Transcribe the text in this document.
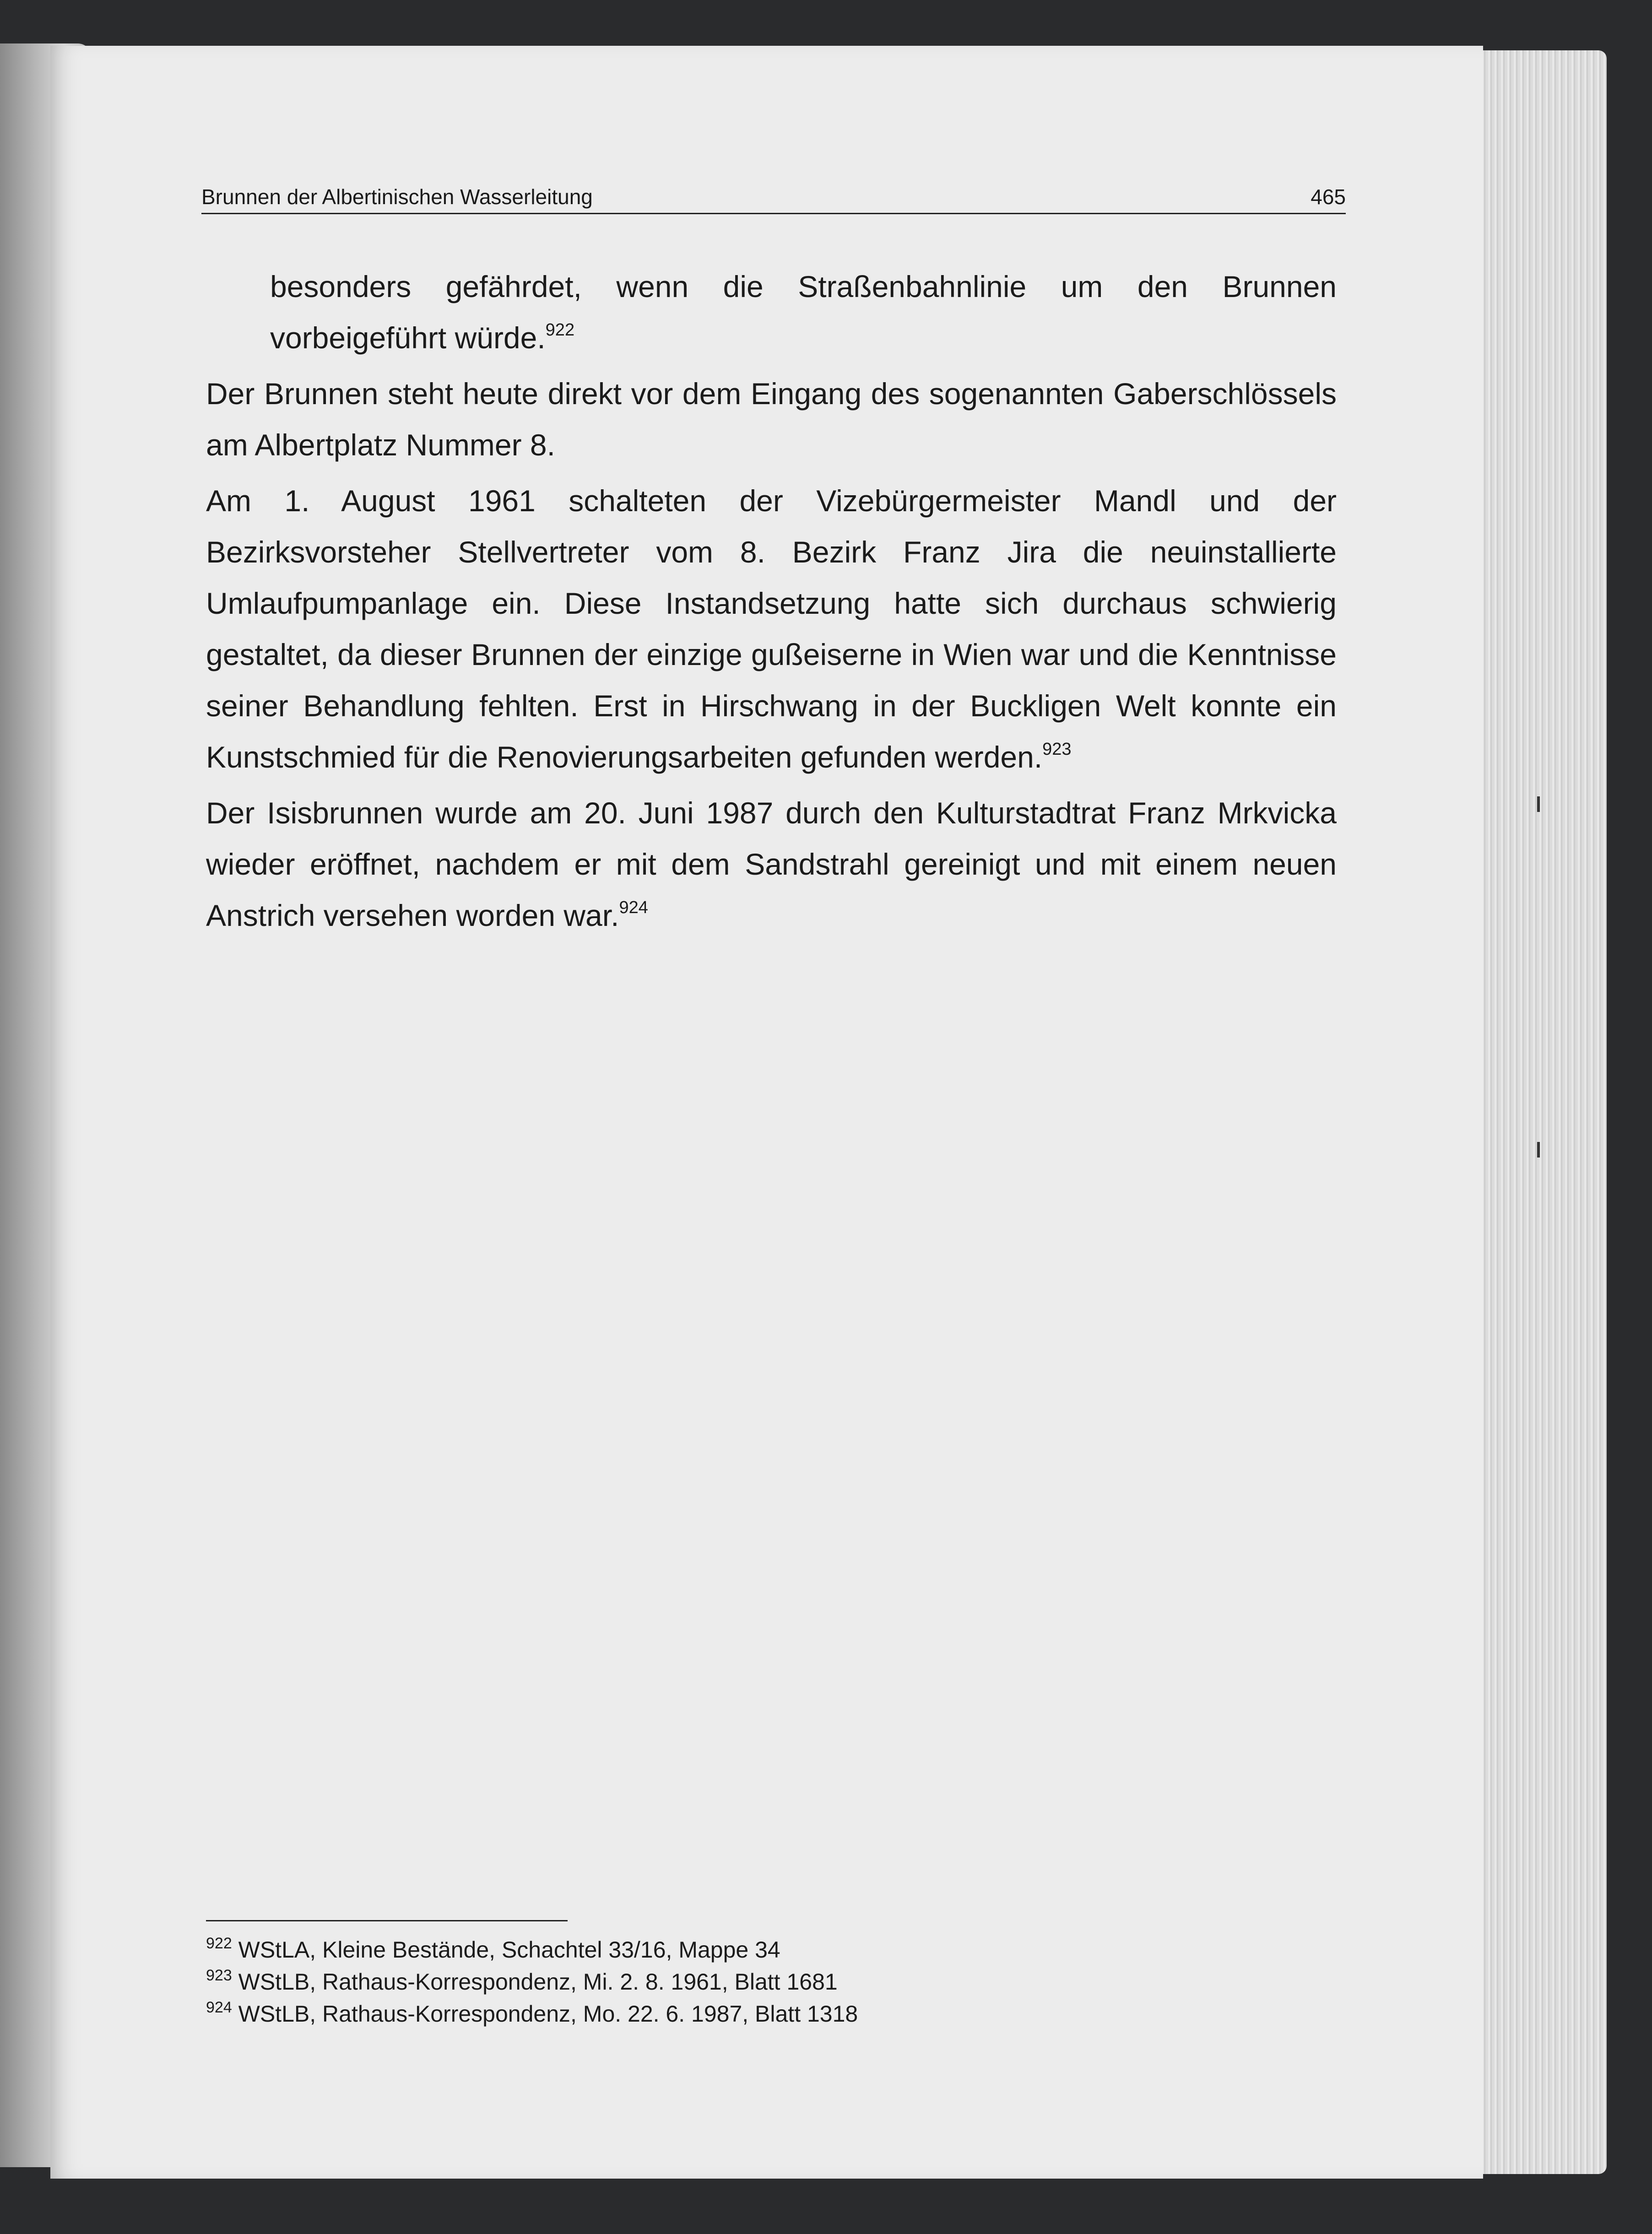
Brunnen der Albertinischen Wasserleitung	465

besonders gefährdet, wenn die Straßenbahnlinie um den Brunnen vorbeigeführt würde.$^{922}$

Der Brunnen steht heute direkt vor dem Eingang des sogenannten Gaberschlössels am Albertplatz Nummer 8.

Am 1. August 1961 schalteten der Vizebürgermeister Mandl und der Bezirksvorsteher Stellvertreter vom 8. Bezirk Franz Jira die neuinstallierte Umlaufpumpanlage ein. Diese Instandsetzung hatte sich durchaus schwierig gestaltet, da dieser Brunnen der einzige gußeiserne in Wien war und die Kenntnisse seiner Behandlung fehlten. Erst in Hirschwang in der Buckligen Welt konnte ein Kunstschmied für die Renovierungsarbeiten gefunden werden.$^{923}$

Der Isisbrunnen wurde am 20. Juni 1987 durch den Kulturstadtrat Franz Mrkvicka wieder eröffnet, nachdem er mit dem Sandstrahl gereinigt und mit einem neuen Anstrich versehen worden war.$^{924}$

$^{922}$ WStLA, Kleine Bestände, Schachtel 33/16, Mappe 34
$^{923}$ WStLB, Rathaus-Korrespondenz, Mi. 2. 8. 1961, Blatt 1681
$^{924}$ WStLB, Rathaus-Korrespondenz, Mo. 22. 6. 1987, Blatt 1318
